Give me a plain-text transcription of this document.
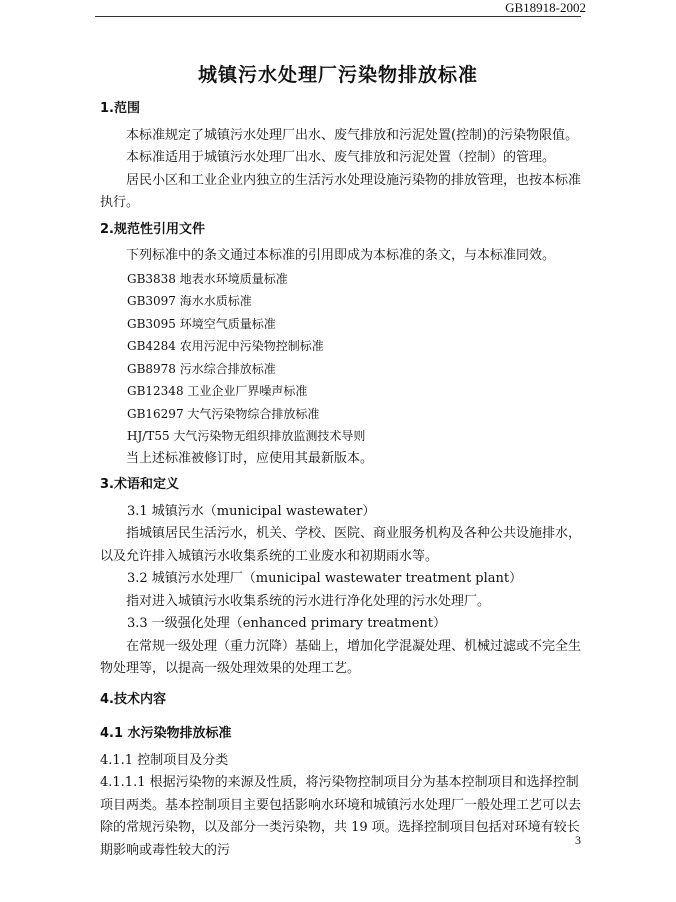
GB18918-2002
城镇污水处理厂污染物排放标准

1.范围

本标准规定了城镇污水处理厂出水、废气排放和污泥处置(控制)的污染物限值。

本标准适用于城镇污水处理厂出水、废气排放和污泥处置（控制）的管理。

居民小区和工业企业内独立的生活污水处理设施污染物的排放管理，也按本标准执行。

2.规范性引用文件

下列标准中的条文通过本标准的引用即成为本标准的条文，与本标准同效。

GB3838 地表水环境质量标准

GB3097 海水水质标准

GB3095 环境空气质量标准

GB4284 农用污泥中污染物控制标准

GB8978 污水综合排放标准

GB12348 工业企业厂界噪声标准

GB16297 大气污染物综合排放标准

HJ/T55 大气污染物无组织排放监测技术导则

当上述标准被修订时，应使用其最新版本。

3.术语和定义

3.1 城镇污水（municipal wastewater）

指城镇居民生活污水，机关、学校、医院、商业服务机构及各种公共设施排水，以及允许排入城镇污水收集系统的工业废水和初期雨水等。

3.2 城镇污水处理厂（municipal wastewater treatment plant）

指对进入城镇污水收集系统的污水进行净化处理的污水处理厂。

3.3 一级强化处理（enhanced primary treatment）

在常规一级处理（重力沉降）基础上，增加化学混凝处理、机械过滤或不完全生物处理等，以提高一级处理效果的处理工艺。

4.技术内容

4.1 水污染物排放标准

4.1.1 控制项目及分类

4.1.1.1 根据污染物的来源及性质，将污染物控制项目分为基本控制项目和选择控制项目两类。基本控制项目主要包括影响水环境和城镇污水处理厂一般处理工艺可以去除的常规污染物，以及部分一类污染物，共 19 项。选择控制项目包括对环境有较长期影响或毒性较大的污

3
